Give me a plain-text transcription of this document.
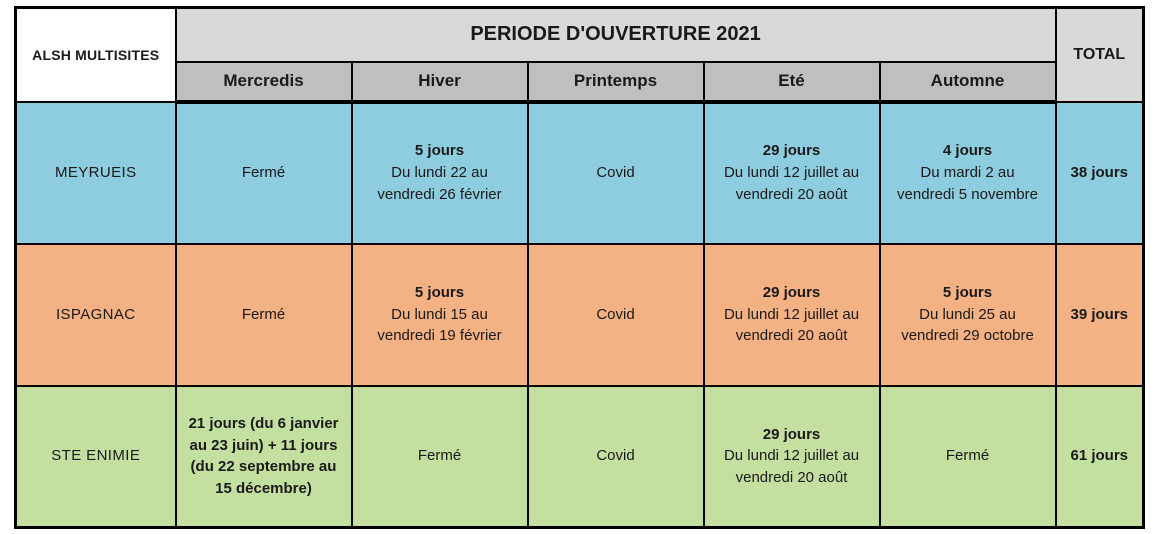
ALSH MULTISITES	PERIODE D'OUVERTURE 2021					TOTAL
	Mercredis	Hiver	Printemps	Eté	Automne	
MEYRUEIS	Fermé	5 jours
Du lundi 22 au
vendredi 26 février	Covid	29 jours
Du lundi 12 juillet au
vendredi 20 août	4 jours
Du mardi 2 au
vendredi 5 novembre	38 jours
ISPAGNAC	Fermé	5 jours
Du lundi 15 au
vendredi 19 février	Covid	29 jours
Du lundi 12 juillet au
vendredi 20 août	5 jours
Du lundi 25 au
vendredi 29 octobre	39 jours
STE ENIMIE	21 jours (du 6 janvier
au 23 juin) + 11 jours
(du 22 septembre au
15 décembre)	Fermé	Covid	29 jours
Du lundi 12 juillet au
vendredi 20 août	Fermé	61 jours
